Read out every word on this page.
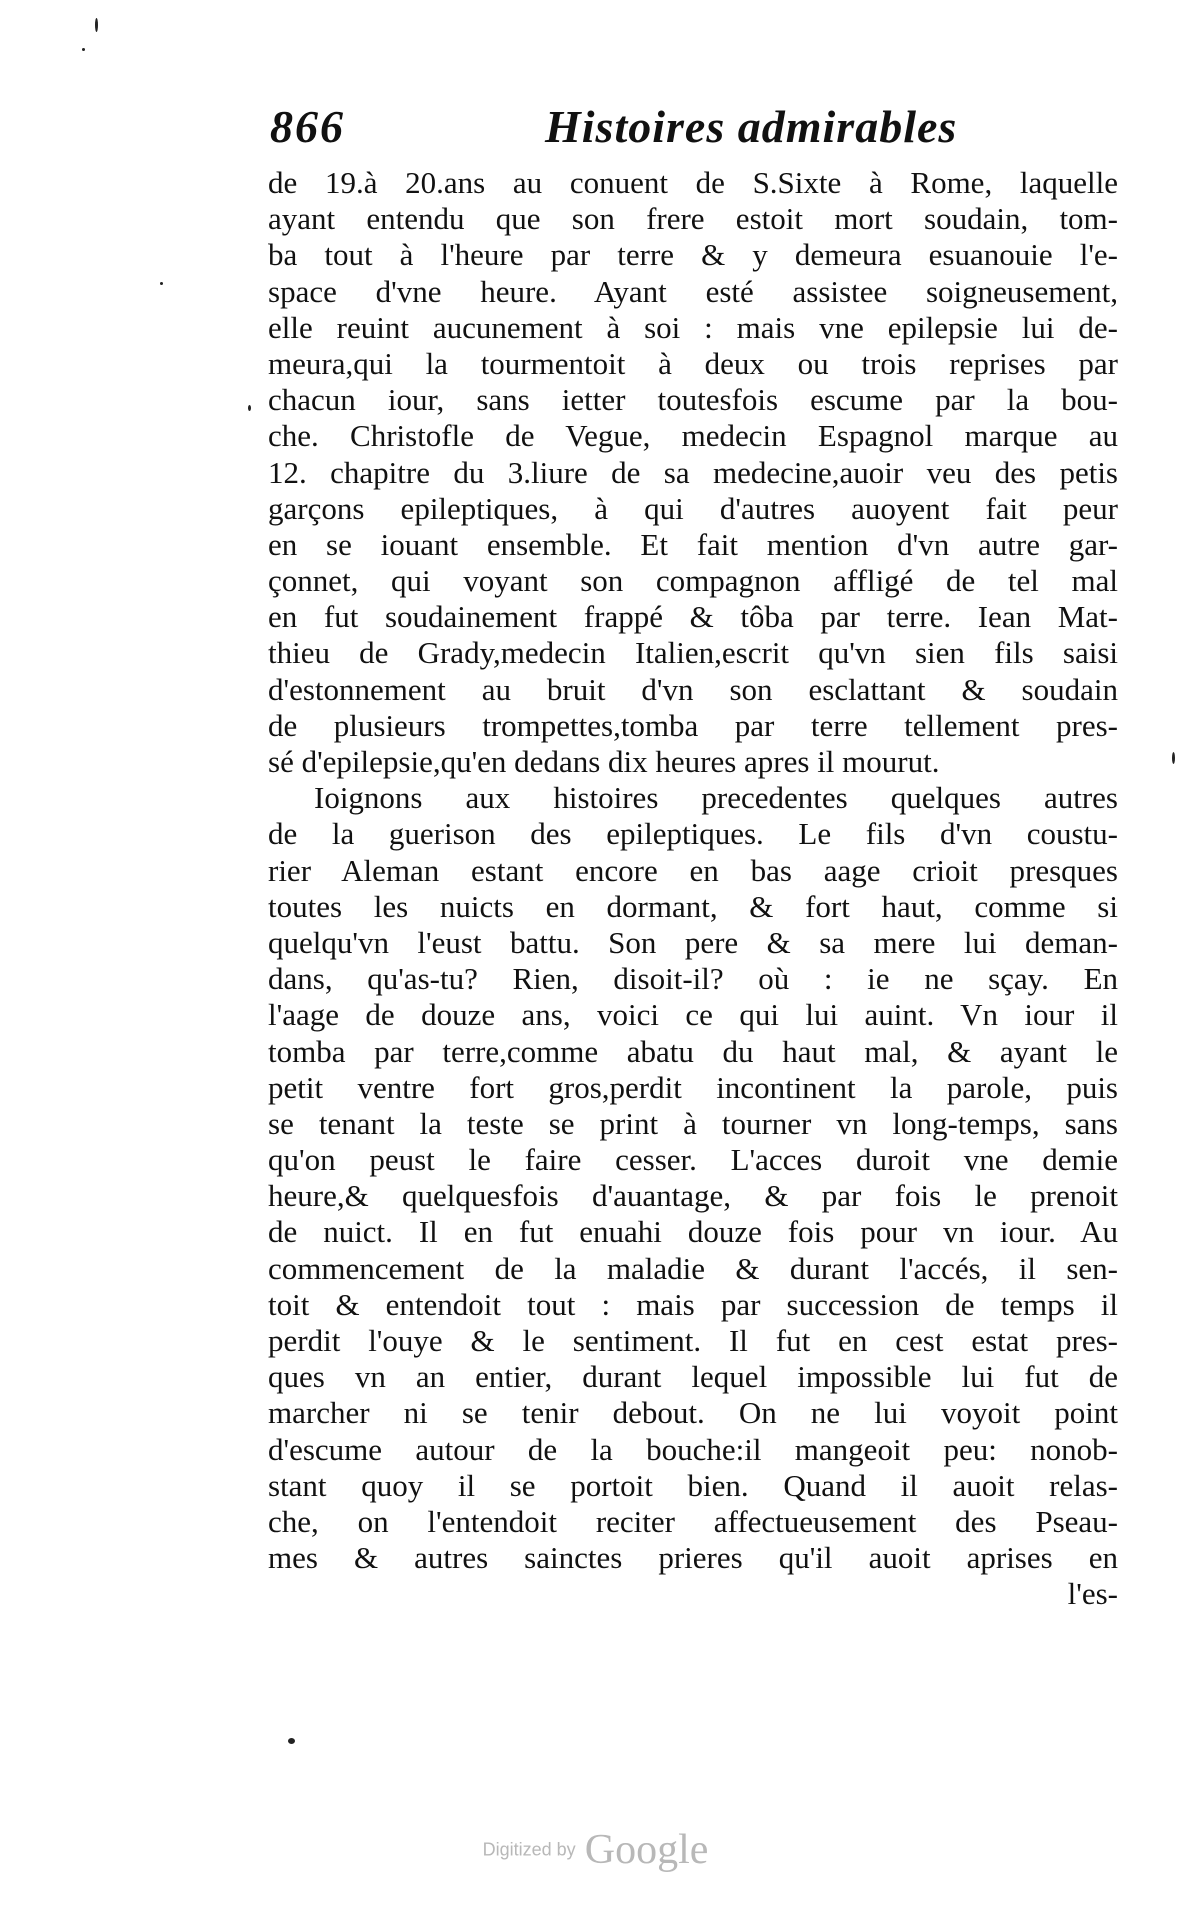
866	Histoires admirables
de 19.à 20.ans au conuent de S.Sixte à Rome, laquelle
ayant entendu que son frere estoit mort soudain, tom-
ba tout à l'heure par terre & y demeura esuanouie l'e-
space d'vne heure. Ayant esté assistee soigneusement,
elle reuint aucunement à soi : mais vne epilepsie lui de-
meura,qui la tourmentoit à deux ou trois reprises par
chacun iour, sans ietter toutesfois escume par la bou-
che. Christofle de Vegue, medecin Espagnol marque au
12. chapitre du 3.liure de sa medecine,auoir veu des petis
garçons epileptiques, à qui d'autres auoyent fait peur
en se iouant ensemble. Et fait mention d'vn autre gar-
çonnet, qui voyant son compagnon affligé de tel mal
en fut soudainement frappé & tôba par terre. Iean Mat-
thieu de Grady,medecin Italien,escrit qu'vn sien fils saisi
d'estonnement au bruit d'vn son esclattant & soudain
de plusieurs trompettes,tomba par terre tellement pres-
sé d'epilepsie,qu'en dedans dix heures apres il mourut.
Ioignons aux histoires precedentes quelques autres
de la guerison des epileptiques. Le fils d'vn coustu-
rier Aleman estant encore en bas aage crioit presques
toutes les nuicts en dormant, & fort haut, comme si
quelqu'vn l'eust battu. Son pere & sa mere lui deman-
dans, qu'as-tu? Rien, disoit-il? où : ie ne sçay. En
l'aage de douze ans, voici ce qui lui auint. Vn iour il
tomba par terre,comme abatu du haut mal, & ayant le
petit ventre fort gros,perdit incontinent la parole, puis
se tenant la teste se print à tourner vn long-temps, sans
qu'on peust le faire cesser. L'acces duroit vne demie
heure,& quelquesfois d'auantage, & par fois le prenoit
de nuict. Il en fut enuahi douze fois pour vn iour. Au
commencement de la maladie & durant l'accés, il sen-
toit & entendoit tout : mais par succession de temps il
perdit l'ouye & le sentiment. Il fut en cest estat pres-
ques vn an entier, durant lequel impossible lui fut de
marcher ni se tenir debout. On ne lui voyoit point
d'escume autour de la bouche:il mangeoit peu: nonob-
stant quoy il se portoit bien. Quand il auoit relas-
che, on l'entendoit reciter affectueusement des Pseau-
mes & autres sainctes prieres qu'il auoit aprises en
l'es-
Digitized by Google
